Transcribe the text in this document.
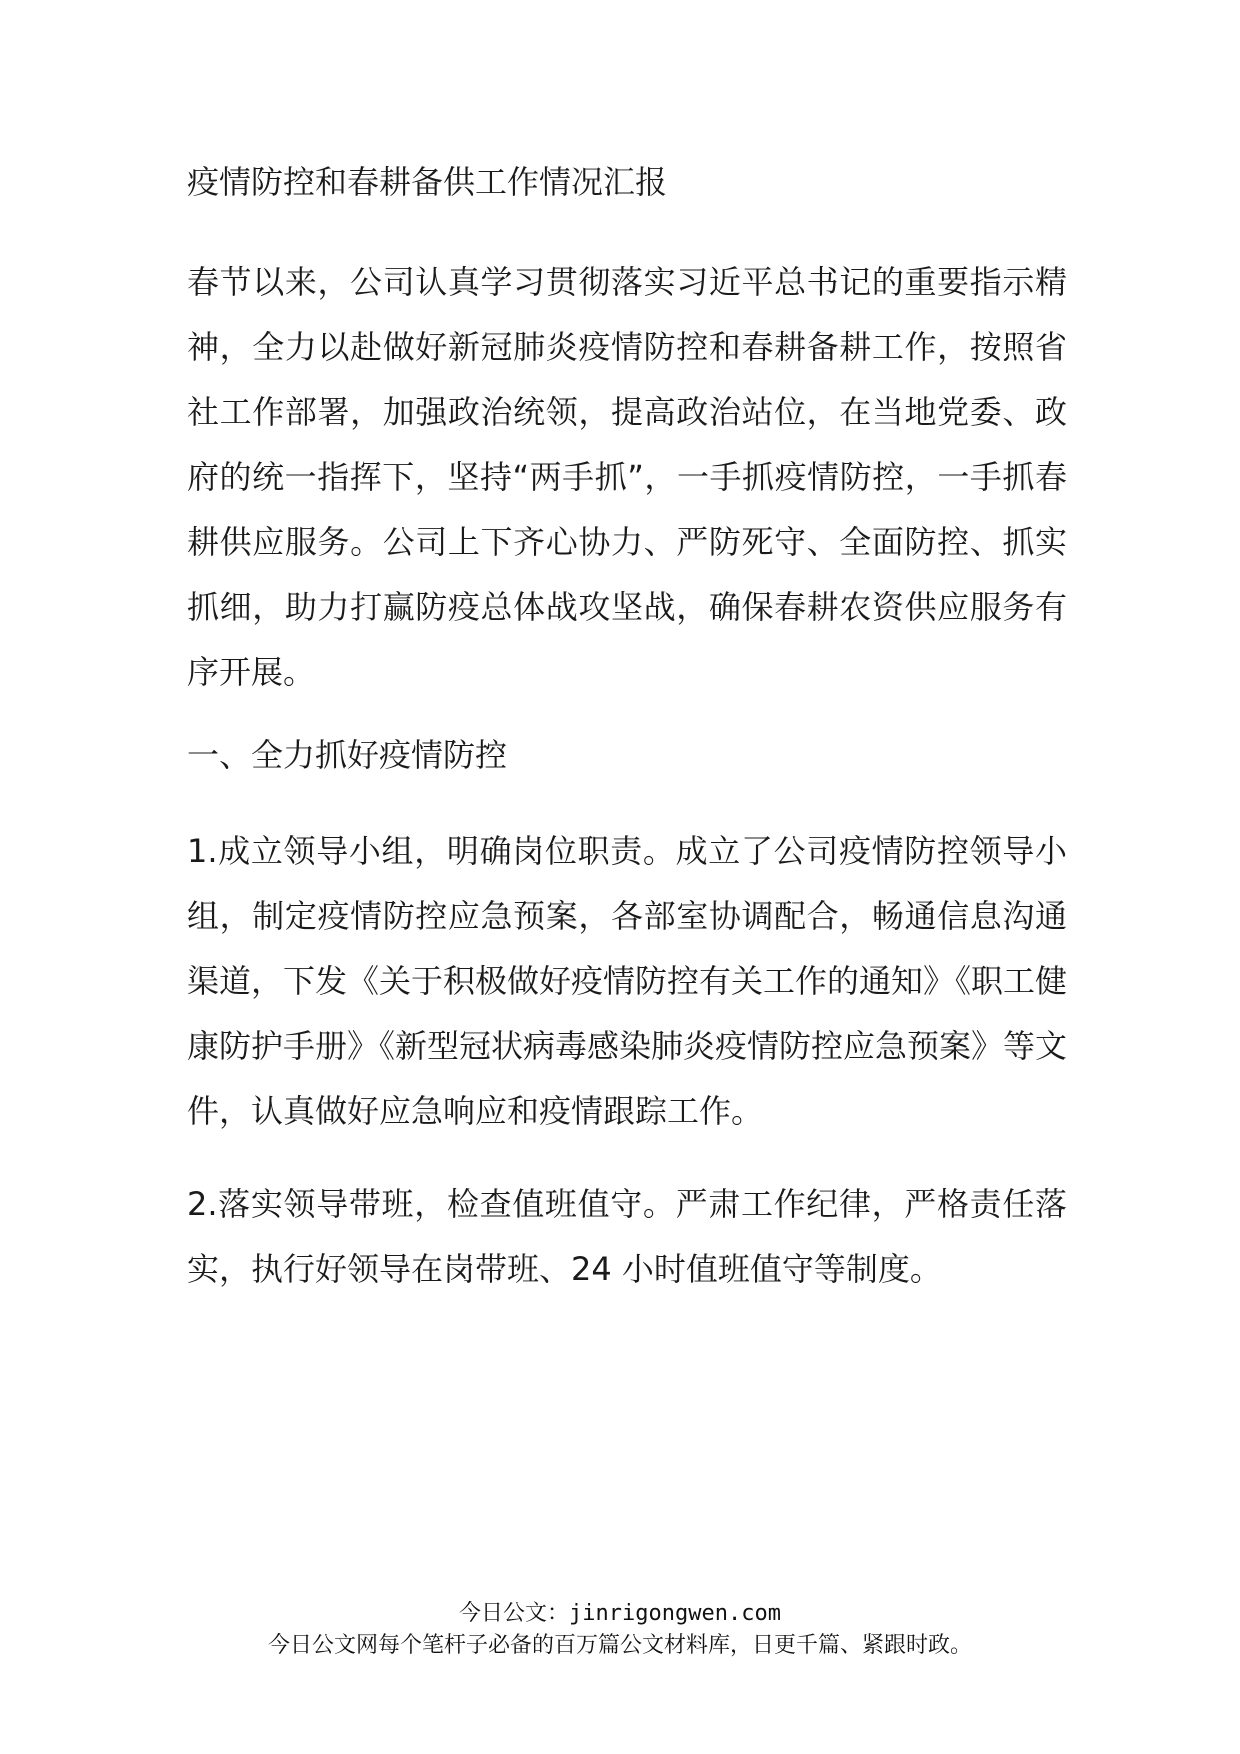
疫情防控和春耕备供工作情况汇报

春节以来，公司认真学习贯彻落实习近平总书记的重要指示精神，全力以赴做好新冠肺炎疫情防控和春耕备耕工作，按照省社工作部署，加强政治统领，提高政治站位，在当地党委、政府的统一指挥下，坚持“两手抓”，一手抓疫情防控，一手抓春耕供应服务。公司上下齐心协力、严防死守、全面防控、抓实抓细，助力打赢防疫总体战攻坚战，确保春耕农资供应服务有序开展。

一、全力抓好疫情防控

1.成立领导小组，明确岗位职责。成立了公司疫情防控领导小组，制定疫情防控应急预案，各部室协调配合，畅通信息沟通渠道，下发《关于积极做好疫情防控有关工作的通知》《职工健康防护手册》《新型冠状病毒感染肺炎疫情防控应急预案》等文件，认真做好应急响应和疫情跟踪工作。

2.落实领导带班，检查值班值守。严肃工作纪律，严格责任落实，执行好领导在岗带班、24 小时值班值守等制度。

今日公文：jinrigongwen.com
今日公文网每个笔杆子必备的百万篇公文材料库，日更千篇、紧跟时政。
